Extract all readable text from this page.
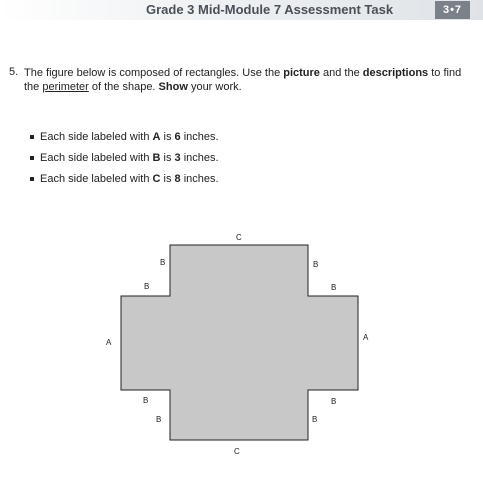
Grade 3 Mid-Module 7 Assessment Task	3•7
5. The figure below is composed of rectangles. Use the picture and the descriptions to find the perimeter of the shape. Show your work.
Each side labeled with A is 6 inches.
Each side labeled with B is 3 inches.
Each side labeled with C is 8 inches.
C
B	B
B	B
A
A
B	B
B	B
C
